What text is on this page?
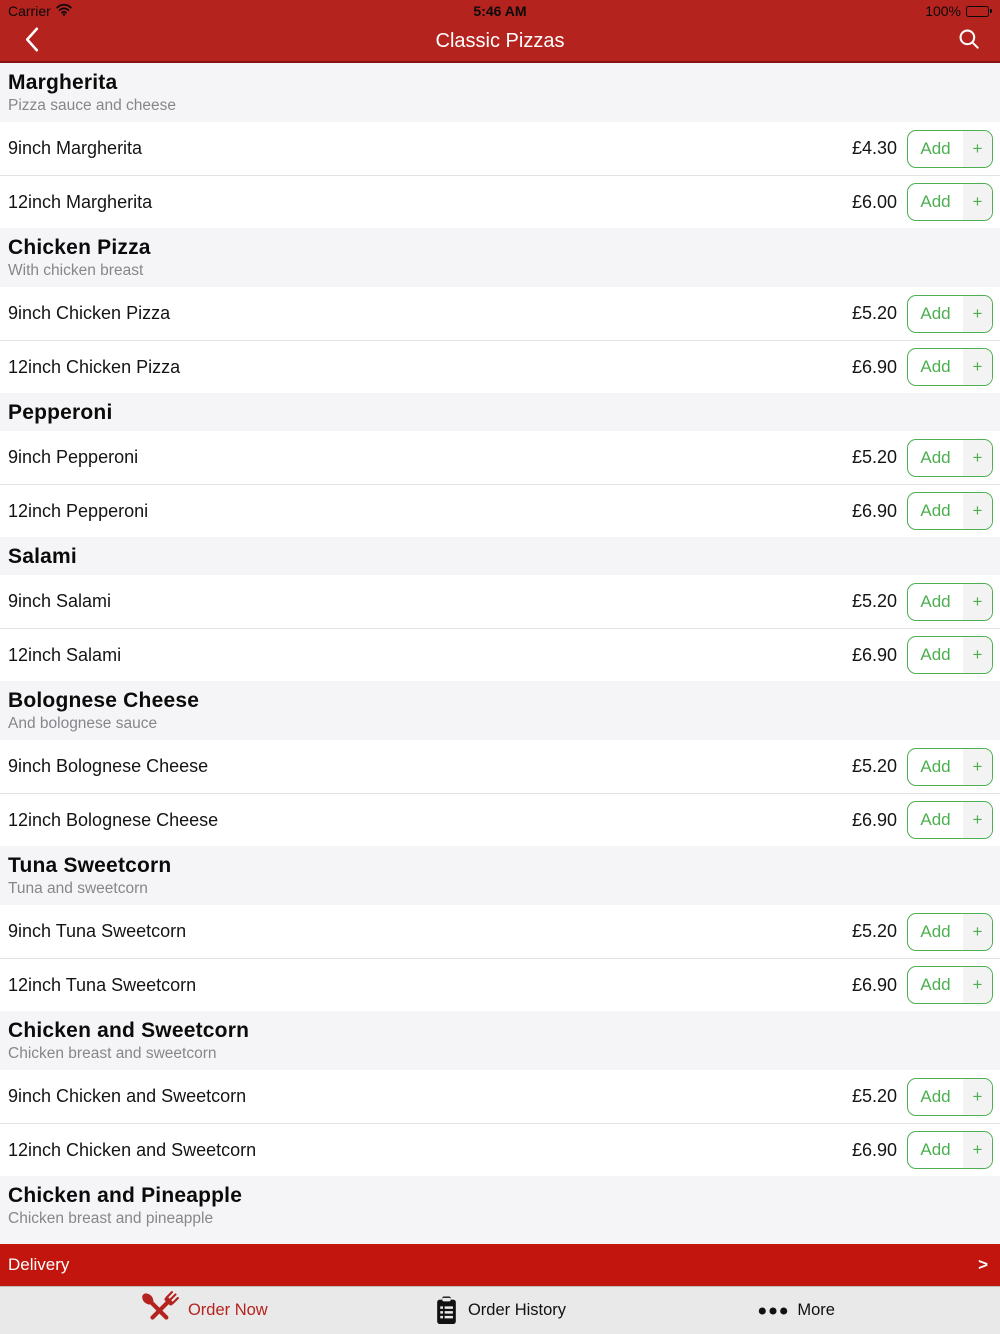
Carrier	5:46 AM	100%
Classic Pizzas
Margherita
Pizza sauce and cheese
9inch Margherita	£4.30	Add	+
12inch Margherita	£6.00	Add	+
Chicken Pizza
With chicken breast
9inch Chicken Pizza	£5.20	Add	+
12inch Chicken Pizza	£6.90	Add	+
Pepperoni
9inch Pepperoni	£5.20	Add	+
12inch Pepperoni	£6.90	Add	+
Salami
9inch Salami	£5.20	Add	+
12inch Salami	£6.90	Add	+
Bolognese Cheese
And bolognese sauce
9inch Bolognese Cheese	£5.20	Add	+
12inch Bolognese Cheese	£6.90	Add	+
Tuna Sweetcorn
Tuna and sweetcorn
9inch Tuna Sweetcorn	£5.20	Add	+
12inch Tuna Sweetcorn	£6.90	Add	+
Chicken and Sweetcorn
Chicken breast and sweetcorn
9inch Chicken and Sweetcorn	£5.20	Add	+
12inch Chicken and Sweetcorn	£6.90	Add	+
Chicken and Pineapple
Chicken breast and pineapple
Delivery	>
Order Now	Order History	More
